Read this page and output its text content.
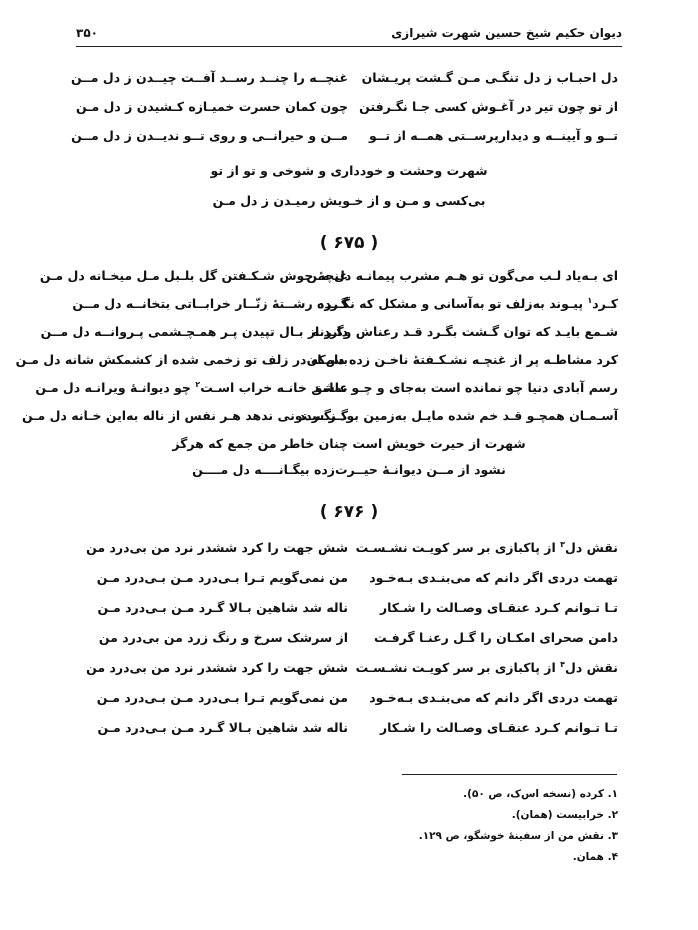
دیوان حکیم شیخ حسین شهرت شیرازی
۳۵۰
دل احبـاب ز دل تنگـی مـن گـشت پریـشان
غنچــه را چنــد رســد آفــت چیــدن ز دل مــن
از تو چون تیر در آغـوش کسی جـا نگـرفتن
چون کمان حسرت خمیـازه کـشیدن ز دل مـن
تــو و آیینــه و دیدارپرســتی همــه از تــو
مــن و حیرانــی و روی تــو ندیــدن ز دل مــن
شهرت وحشت و خودداری و شوخی و تو از تو
بی‌کسی و مـن و از خـویش رمیـدن ز دل مـن
( ۶۷۵ )
ای بـه‌یاد لـب می‌گون تو هـم مشرب پیمانـه دل مـن
غنچهٔ جوش شـکـفتن گل بلـبل مـل میخـانه دل مـن
کـرد$^۱$ پیـوند به‌زلف تو به‌آسانی و مشکل که نگـردد
گــره رشــتهٔ زنّــار خرابــاتی بتخانــه دل مــن
شـمع بایـد که توان گـشت بگـرد قـد رعناش وگـرنه
دارد از بـال تپیدن پـر همـچـشمی پـروانــه دل مــن
کرد مشاطـه پر از غنچـه نشـکـفتهٔ ناخـن زده دامـان
بس‌که در زلف تو زخمی شده از کشمکش شانه دل مـن
رسم آبادی دنیا چو نمانده است به‌جای و چـو نمانـد
عاشق خانـه خراب اسـت$^۲$ چو دیوانـهٔ ویرانـه دل مـن
آسـمـان همچـو قـد خم شده مایـل به‌زمین بود نگـردد
گـر سـتونی ندهد هـر نفس از ناله به‌این خـانه دل مـن
شهرت از حیرت خویش است چنان خاطر من جمع که هرگز
نشود از مــن دیوانـهٔ حیــرت‌زده بیگـانــــه دل مــــن
( ۶۷۶ )
نقش دل$^۳$ از پاکبازی بر سر کویـت نشـسـت
شش جهت را کرد ششدر نرد من بی‌درد من
تهمت دردی اگر دانم که می‌بنـدی بـه‌خـود
من نمی‌گویم تـرا بـی‌درد مـن بـی‌درد مـن
تـا تـوانم کـرد عنقـای وصـالت را شـکار
ناله شد شاهین بـالا گـرد مـن بـی‌درد مـن
دامن صحرای امکـان را گـل رعنـا گرفـت
از سرشک سرخ و رنگ زرد من بی‌درد من
نقش دل$^۴$ از پاکبازی بر سر کویـت نشـسـت
شش جهت را کرد ششدر نرد من بی‌درد من
تهمت دردی اگر دانم که می‌بنـدی بـه‌خـود
من نمی‌گویم تـرا بـی‌درد مـن بـی‌درد مـن
تـا تـوانم کـرد عنقـای وصـالت را شـکار
ناله شد شاهین بـالا گـرد مـن بـی‌درد مـن
۱. کرده (نسخه اس‌ک، ص ۵۰).
۲. خرابیست (همان).
۳. نقش من از سفینهٔ خوشگو، ص ۱۲۹.
۴. همان.
